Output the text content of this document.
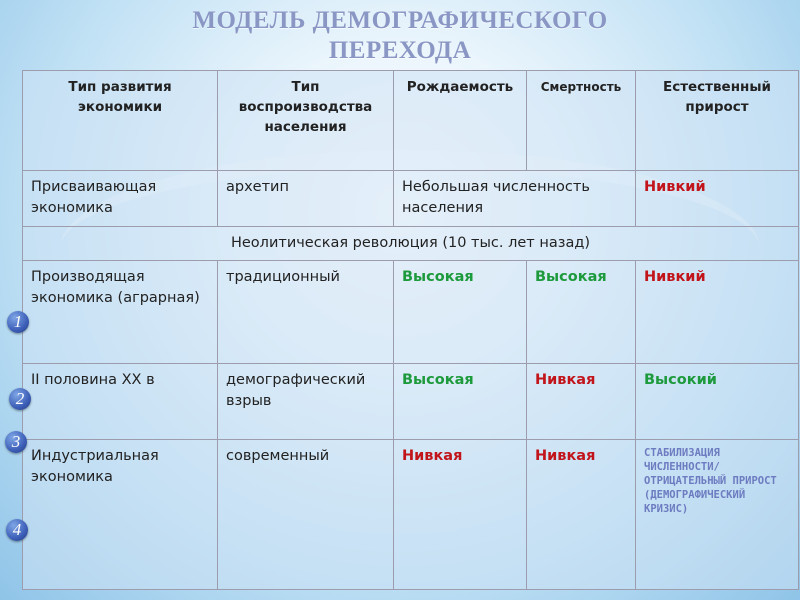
МОДЕЛЬ ДЕМОГРАФИЧЕСКОГО
ПЕРЕХОДА
Тип развития экономики	Тип воспроизводства населения	Рождаемость	Смертность	Естественный прирост
Присваивающая экономика	архетип	Небольшая численность населения		Нивкий
Неолитическая революция (10 тыс. лет назад)				
Производящая экономика (аграрная)	традиционный	Высокая	Высокая	Нивкий
II половина XX в	демографический взрыв	Высокая	Нивкая	Высокий
Индустриальная экономика	современный	Нивкая	Нивкая	СТАБИЛИЗАЦИЯ ЧИСЛЕННОСТИ/ ОТРИЦАТЕЛЬНЫЙ ПРИРОСТ (ДЕМОГРАФИЧЕСКИЙ КРИЗИС)
1
2
3
4
